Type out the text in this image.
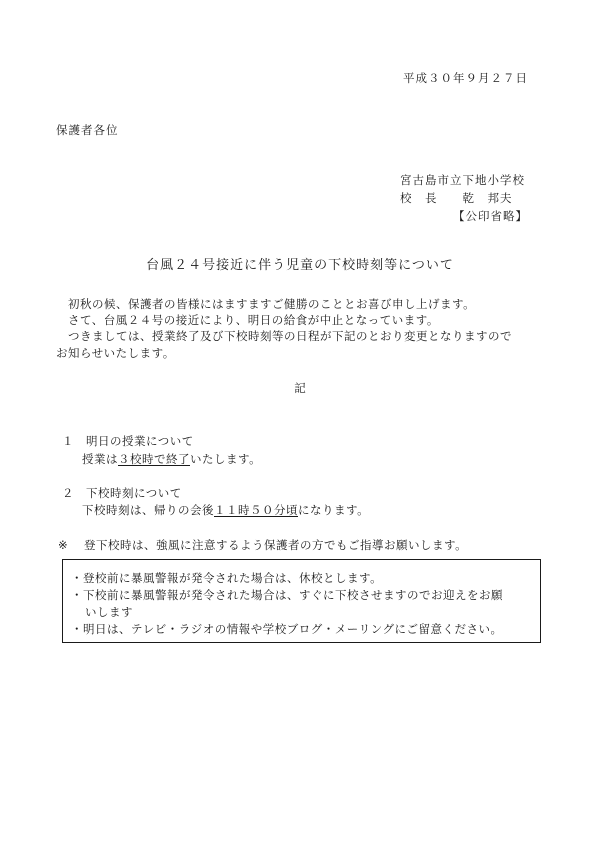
平成３０年９月２７日
保護者各位
宮古島市立下地小学校
校　長　　乾　邦夫
【公印省略】
台風２４号接近に伴う児童の下校時刻等について
　初秋の候、保護者の皆様にはますますご健勝のこととお喜び申し上げます。
　さて、台風２４号の接近により、明日の給食が中止となっています。
　つきましては、授業終了及び下校時刻等の日程が下記のとおり変更となりますので
お知らせいたします。
記
１　明日の授業について
授業は３校時で終了いたします。
２　下校時刻について
下校時刻は、帰りの会後１１時５０分頃になります。
※ 登下校時は、強風に注意するよう保護者の方でもご指導お願いします。
・登校前に暴風警報が発令された場合は、休校とします。
・下校前に暴風警報が発令された場合は、すぐに下校させますのでお迎えをお願
いします
・明日は、テレビ・ラジオの情報や学校ブログ・メーリングにご留意ください。
